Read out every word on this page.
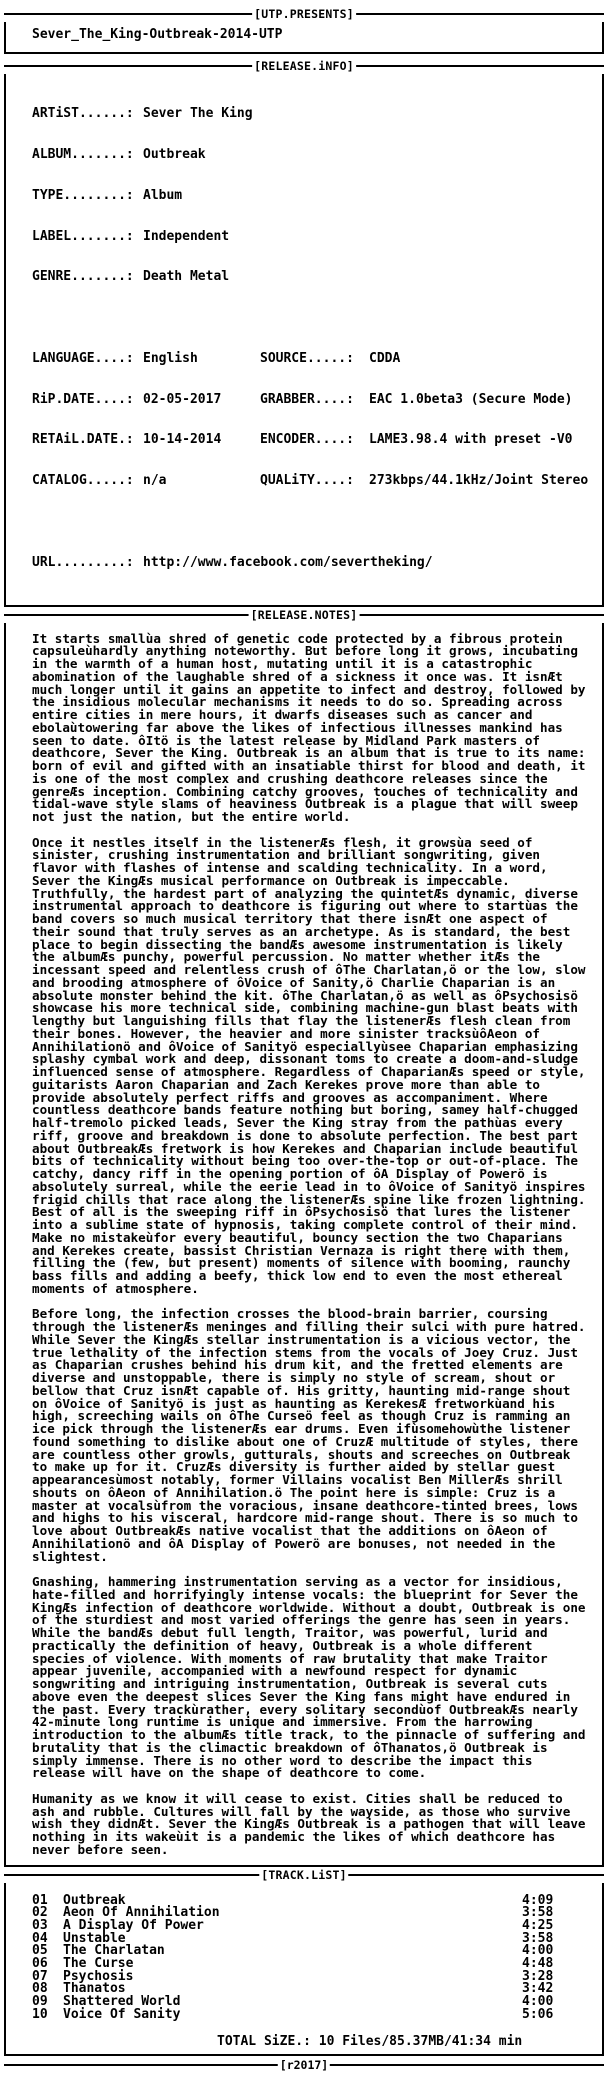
[UTP.PRESENTS]
Sever_The_King-Outbreak-2014-UTP
[RELEASE.iNFO]

ARTiST......: Sever The King

ALBUM.......: Outbreak

TYPE........: Album

LABEL.......: Independent

GENRE.......: Death Metal

LANGUAGE....: English	SOURCE.....:	CDDA

RiP.DATE....: 02-05-2017	GRABBER....:	EAC 1.0beta3 (Secure Mode)

RETAiL.DATE.: 10-14-2014	ENCODER....:	LAME3.98.4 with preset -V0

CATALOG.....: n/a	QUALiTY....:	273kbps/44.1kHz/Joint Stereo

URL.........: http://www.facebook.com/severtheking/

[RELEASE.NOTES]

It starts smallùa shred of genetic code protected by a fibrous protein capsuleùhardly anything noteworthy. But before long it grows, incubating in the warmth of a human host, mutating until it is a catastrophic abomination of the laughable shred of a sickness it once was. It isnÆt much longer until it gains an appetite to infect and destroy, followed by the insidious molecular mechanisms it needs to do so. Spreading across entire cities in mere hours, it dwarfs diseases such as cancer and ebolaùtowering far above the likes of infectious illnesses mankind has seen to date. ôItö is the latest release by Midland Park masters of deathcore, Sever the King. Outbreak is an album that is true to its name: born of evil and gifted with an insatiable thirst for blood and death, it is one of the most complex and crushing deathcore releases since the genreÆs inception. Combining catchy grooves, touches of technicality and tidal-wave style slams of heaviness Outbreak is a plague that will sweep not just the nation, but the entire world.

Once it nestles itself in the listenerÆs flesh, it growsùa seed of sinister, crushing instrumentation and brilliant songwriting, given flavor with flashes of intense and scalding technicality. In a word, Sever the KingÆs musical performance on Outbreak is impeccable. Truthfully, the hardest part of analyzing the quintetÆs dynamic, diverse instrumental approach to deathcore is figuring out where to startùas the band covers so much musical territory that there isnÆt one aspect of their sound that truly serves as an archetype. As is standard, the best place to begin dissecting the bandÆs awesome instrumentation is likely the albumÆs punchy, powerful percussion. No matter whether itÆs the incessant speed and relentless crush of ôThe Charlatan,ö or the low, slow and brooding atmosphere of ôVoice of Sanity,ö Charlie Chaparian is an absolute monster behind the kit. ôThe Charlatan,ö as well as ôPsychosisö showcase his more technical side, combining machine-gun blast beats with lengthy but languishing fills that flay the listenerÆs flesh clean from their bones. However, the heavier and more sinister tracksùôAeon of Annihilationö and ôVoice of Sanityö especiallyùsee Chaparian emphasizing splashy cymbal work and deep, dissonant toms to create a doom-and-sludge influenced sense of atmosphere. Regardless of ChaparianÆs speed or style, guitarists Aaron Chaparian and Zach Kerekes prove more than able to provide absolutely perfect riffs and grooves as accompaniment. Where countless deathcore bands feature nothing but boring, samey half-chugged half-tremolo picked leads, Sever the King stray from the pathùas every riff, groove and breakdown is done to absolute perfection. The best part about OutbreakÆs fretwork is how Kerekes and Chaparian include beautiful bits of technicality without being too over-the-top or out-of-place. The catchy, dancy riff in the opening portion of ôA Display of Powerö is absolutely surreal, while the eerie lead in to ôVoice of Sanityö inspires frigid chills that race along the listenerÆs spine like frozen lightning. Best of all is the sweeping riff in ôPsychosisö that lures the listener into a sublime state of hypnosis, taking complete control of their mind. Make no mistakeùfor every beautiful, bouncy section the two Chaparians and Kerekes create, bassist Christian Vernaza is right there with them, filling the (few, but present) moments of silence with booming, raunchy bass fills and adding a beefy, thick low end to even the most ethereal moments of atmosphere.

Before long, the infection crosses the blood-brain barrier, coursing through the listenerÆs meninges and filling their sulci with pure hatred. While Sever the KingÆs stellar instrumentation is a vicious vector, the true lethality of the infection stems from the vocals of Joey Cruz. Just as Chaparian crushes behind his drum kit, and the fretted elements are diverse and unstoppable, there is simply no style of scream, shout or bellow that Cruz isnÆt capable of. His gritty, haunting mid-range shout on ôVoice of Sanityö is just as haunting as KerekesÆ fretworkùand his high, screeching wails on ôThe Curseö feel as though Cruz is ramming an ice pick through the listenerÆs ear drums. Even ifùsomehowùthe listener found something to dislike about one of CruzÆ multitude of styles, there are countless other growls, gutturals, shouts and screeches on Outbreak to make up for it. CruzÆs diversity is further aided by stellar guest appearancesùmost notably, former Villains vocalist Ben MillerÆs shrill shouts on ôAeon of Annihilation.ö The point here is simple: Cruz is a master at vocalsùfrom the voracious, insane deathcore-tinted brees, lows and highs to his visceral, hardcore mid-range shout. There is so much to love about OutbreakÆs native vocalist that the additions on ôAeon of Annihilationö and ôA Display of Powerö are bonuses, not needed in the slightest.

Gnashing, hammering instrumentation serving as a vector for insidious, hate-filled and horrifyingly intense vocals: the blueprint for Sever the KingÆs infection of deathcore worldwide. Without a doubt, Outbreak is one of the sturdiest and most varied offerings the genre has seen in years. While the bandÆs debut full length, Traitor, was powerful, lurid and practically the definition of heavy, Outbreak is a whole different species of violence. With moments of raw brutality that make Traitor appear juvenile, accompanied with a newfound respect for dynamic songwriting and intriguing instrumentation, Outbreak is several cuts above even the deepest slices Sever the King fans might have endured in the past. Every trackùrather, every solitary secondùof OutbreakÆs nearly 42-minute long runtime is unique and immersive. From the harrowing introduction to the albumÆs title track, to the pinnacle of suffering and brutality that is the climactic breakdown of ôThanatos,ö Outbreak is simply immense. There is no other word to describe the impact this release will have on the shape of deathcore to come.

Humanity as we know it will cease to exist. Cities shall be reduced to ash and rubble. Cultures will fall by the wayside, as those who survive wish they didnÆt. Sever the KingÆs Outbreak is a pathogen that will leave nothing in its wakeùit is a pandemic the likes of which deathcore has never before seen.

[TRACK.LiST]
01	Outbreak	4:09
02	Aeon Of Annihilation	3:58
03	A Display Of Power	4:25
04	Unstable	3:58
05	The Charlatan	4:00
06	The Curse	4:48
07	Psychosis	3:28
08	Thanatos	3:42
09	Shattered World	4:00
10	Voice Of Sanity	5:06
TOTAL SiZE.: 10 Files/85.37MB/41:34 min
[r2017]
